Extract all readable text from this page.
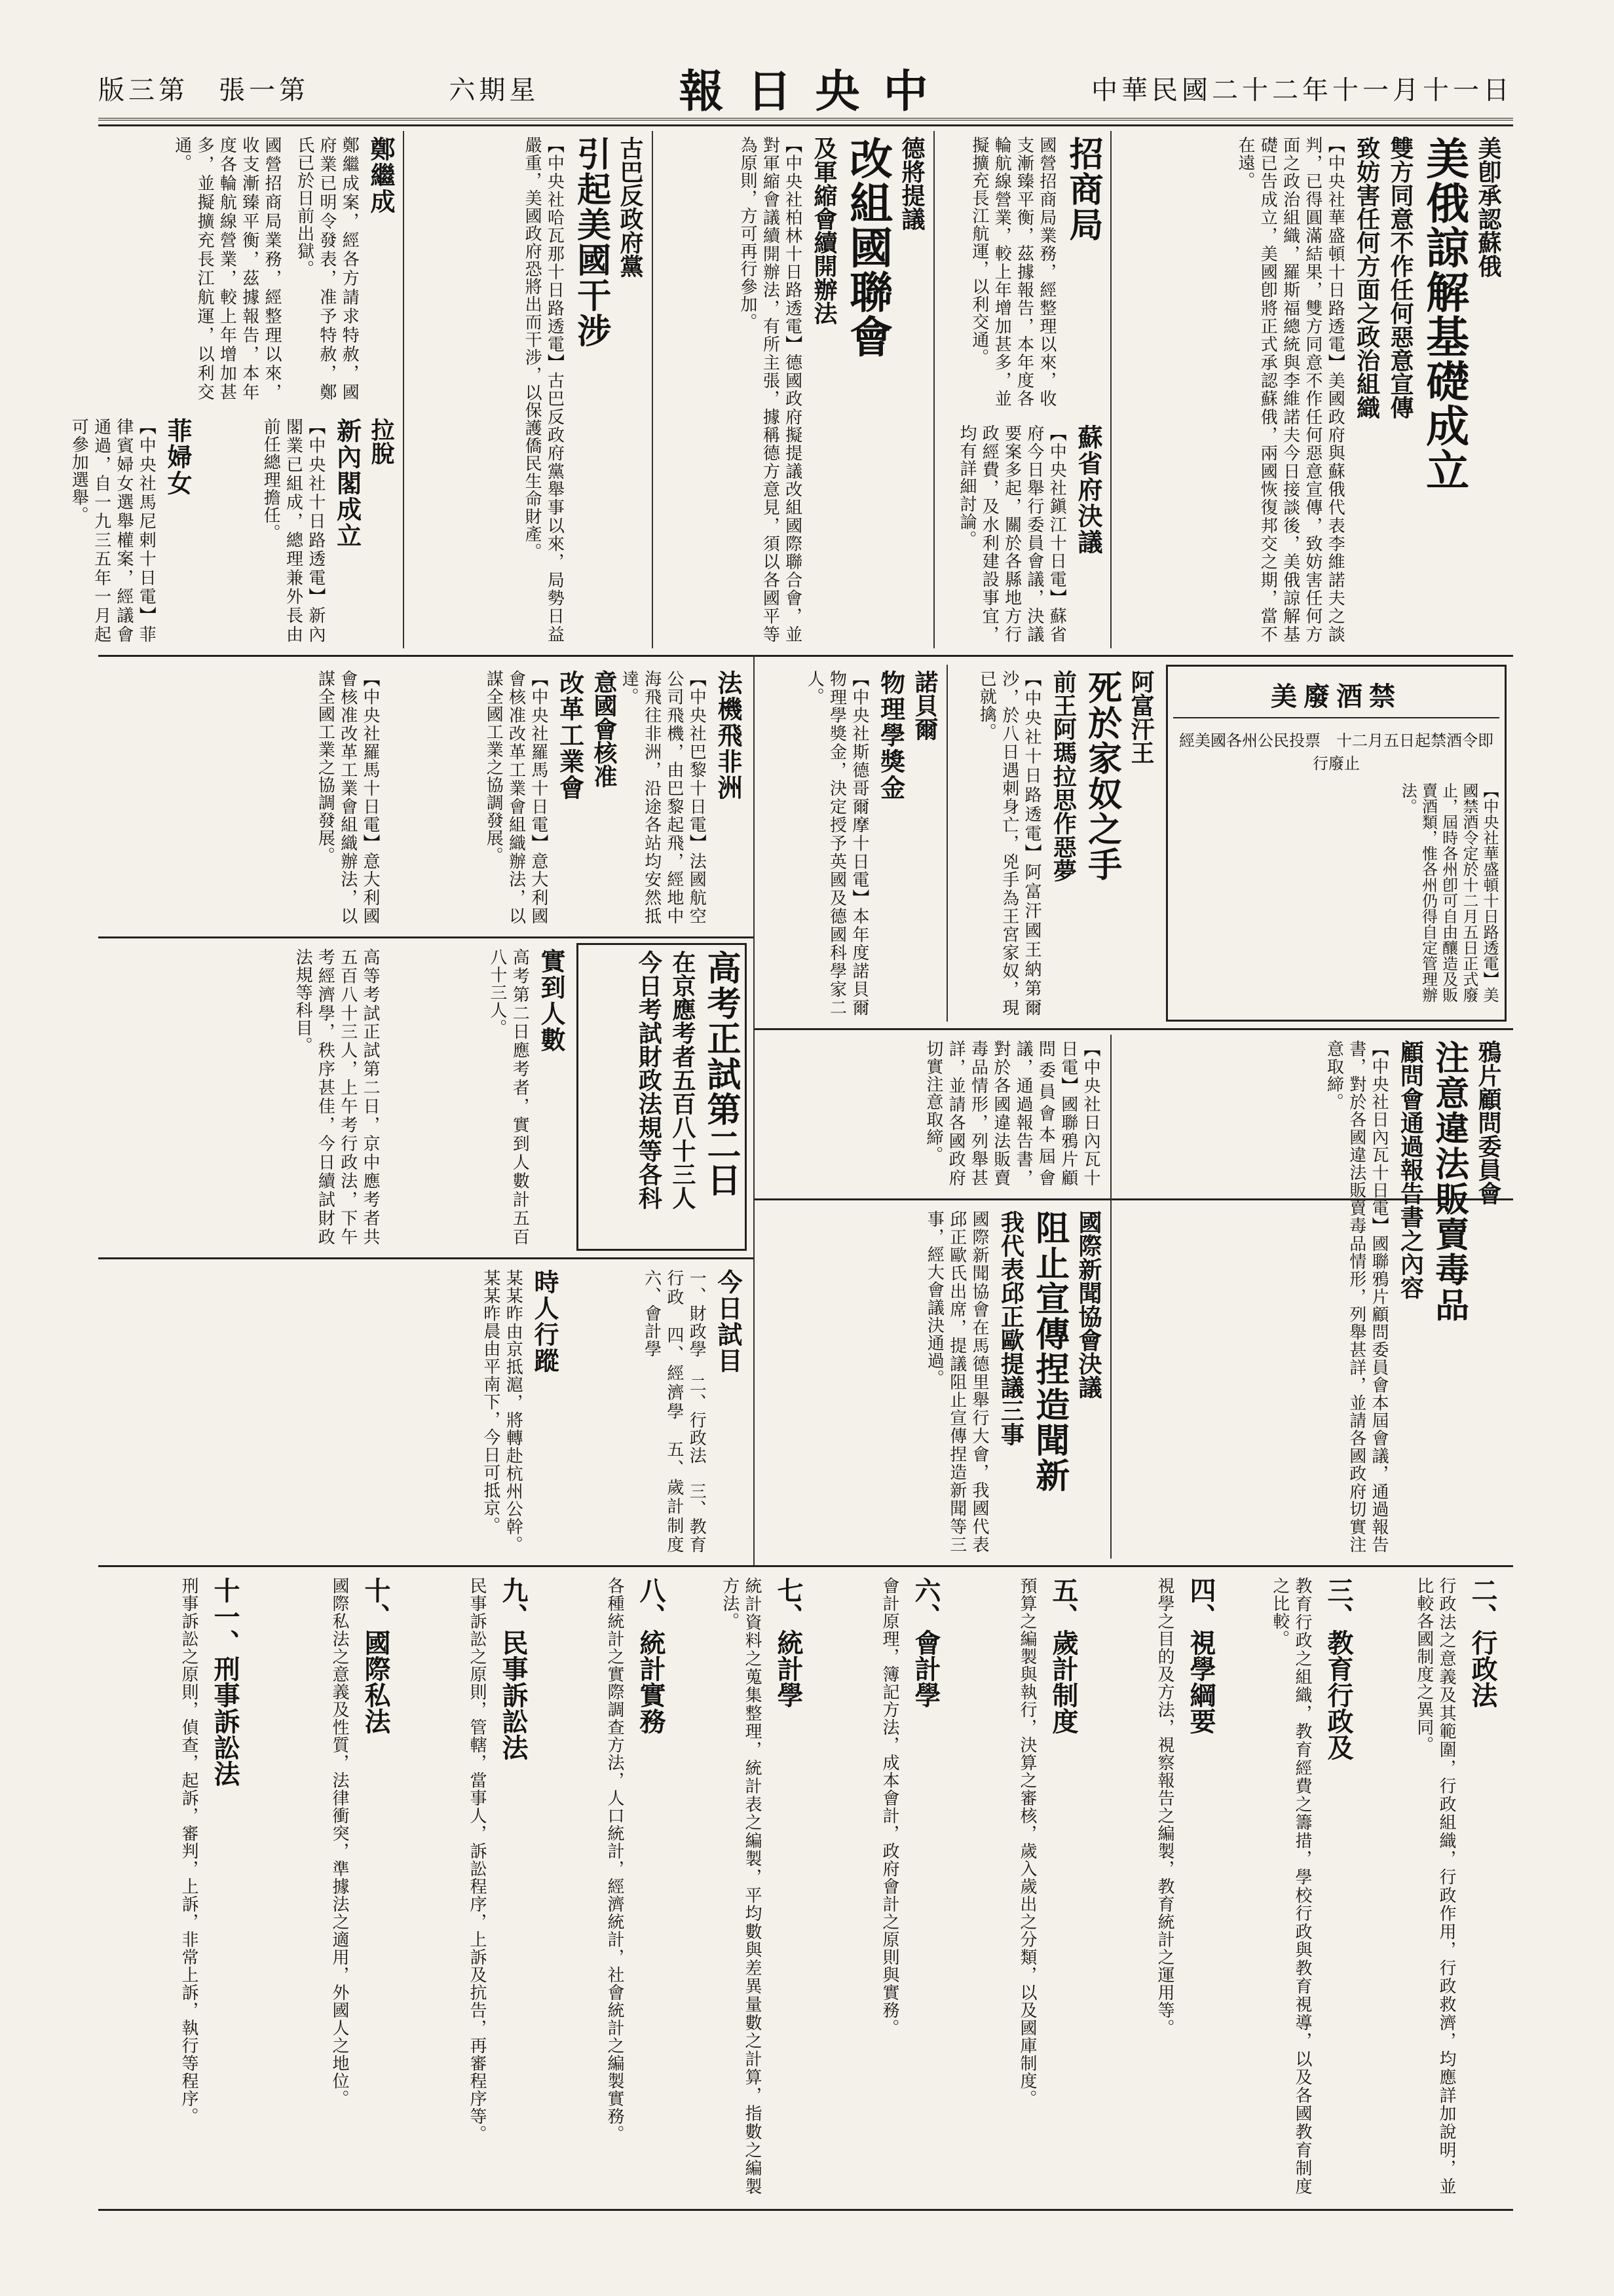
中華民國二十二年十一月十一日
報日央中
六期星
版三第　張一第

美卽承認蘇俄

美俄諒解基礎成立

雙方同意不作任何惡意宣傳

致妨害任何方面之政治組織

【中央社華盛頓十日路透電】美國政府與蘇俄代表李維諾夫之談判，已得圓滿結果，雙方同意不作任何惡意宣傳，致妨害任何方面之政治組織，羅斯福總統與李維諾夫今日接談後，美俄諒解基礎已告成立，美國卽將正式承認蘇俄，兩國恢復邦交之期，當不在遠。

招商局

國營招商局業務，經整理以來，收支漸臻平衡，茲據報告，本年度各輪航線營業，較上年增加甚多，並擬擴充長江航運，以利交通。

蘇省府決議

【中央社鎭江十日電】蘇省府今日舉行委員會議，決議要案多起，關於各縣地方行政經費，及水利建設事宜，均有詳細討論。

德將提議

改組國聯會

及軍縮會續開辦法

【中央社柏林十日路透電】德國政府擬提議改組國際聯合會，並對軍縮會議續開辦法，有所主張，據稱德方意見，須以各國平等為原則，方可再行參加。

古巴反政府黨

引起美國干涉

【中央社哈瓦那十日路透電】古巴反政府黨舉事以來，局勢日益嚴重，美國政府恐將出而干涉，以保護僑民生命財產。

鄭繼成

鄭繼成案，經各方請求特赦，國府業已明令發表，准予特赦，鄭氏已於日前出獄。

拉脫

新內閣成立

【中央社十日路透電】新內閣業已組成，總理兼外長由前任總理擔任。

菲婦女

【中央社馬尼剌十日電】菲律賓婦女選舉權案，經議會通過，自一九三五年一月起可參加選舉。

國營招商局業務，經整理以來，收支漸臻平衡，茲據報告，本年度各輪航線營業，較上年增加甚多，並擬擴充長江航運，以利交通。

美廢酒禁

經美國各州公民投票　十二月五日起禁酒令即行廢止

【中央社華盛頓十日路透電】美國禁酒令定於十二月五日正式廢止，屆時各州卽可自由釀造及販賣酒類，惟各州仍得自定管理辦法。

阿富汗王

死於家奴之手

前王阿瑪拉思作惡夢

【中央社十日路透電】阿富汗國王納第爾沙，於八日遇刺身亡，兇手為王宮家奴，現已就擒。

諾貝爾

物理學獎金

【中央社斯德哥爾摩十日電】本年度諾貝爾物理學獎金，決定授予英國及德國科學家二人。

鴉片顧問委員會

注意違法販賣毒品

顧問會通過報告書之內容

【中央社日內瓦十日電】國聯鴉片顧問委員會本屆會議，通過報告書，對於各國違法販賣毒品情形，列舉甚詳，並請各國政府切實注意取締。

國際新聞協會決議

阻止宣傳捏造聞新

我代表邱正歐提議三事

國際新聞協會在馬德里舉行大會，我國代表邱正歐氏出席，提議阻止宣傳捏造新聞等三事，經大會議決通過。

【中央社日內瓦十日電】國聯鴉片顧問委員會本屆會議，通過報告書，對於各國違法販賣毒品情形，列舉甚詳，並請各國政府切實注意取締。

法機飛非洲

【中央社巴黎十日電】法國航空公司飛機，由巴黎起飛，經地中海飛往非洲，沿途各站均安然抵達。

意國會核准

改革工業會

【中央社羅馬十日電】意大利國會核准改革工業會組織辦法，以謀全國工業之協調發展。

【中央社羅馬十日電】意大利國會核准改革工業會組織辦法，以謀全國工業之協調發展。

高考正試第二日

在京應考者五百八十三人

今日考試財政法規等各科

實到人數

高考第二日應考者，實到人數計五百八十三人。

高等考試正試第二日，京中應考者共五百八十三人，上午考行政法，下午考經濟學，秩序甚佳，今日續試財政法規等科目。

今日試目

一、財政學　二、行政法　三、教育行政　四、經濟學　五、歲計制度　六、會計學

時人行蹤

某某昨由京抵滬，將轉赴杭州公幹。某某昨晨由平南下，今日可抵京。

二、行政法

行政法之意義及其範圍，行政組織，行政作用，行政救濟，均應詳加說明，並比較各國制度之異同。

三、教育行政及

教育行政之組織，教育經費之籌措，學校行政與教育視導，以及各國教育制度之比較。

四、視學綱要

視學之目的及方法，視察報告之編製，教育統計之運用等。

五、歲計制度

預算之編製與執行，決算之審核，歲入歲出之分類，以及國庫制度。

六、會計學

會計原理，簿記方法，成本會計，政府會計之原則與實務。

七、統計學

統計資料之蒐集整理，統計表之編製，平均數與差異量數之計算，指數之編製方法。

八、統計實務

各種統計之實際調查方法，人口統計，經濟統計，社會統計之編製實務。

九、民事訴訟法

民事訴訟之原則，管轄，當事人，訴訟程序，上訴及抗告，再審程序等。

十、國際私法

國際私法之意義及性質，法律衝突，準據法之適用，外國人之地位。

十一、刑事訴訟法

刑事訴訟之原則，偵查，起訴，審判，上訴，非常上訴，執行等程序。
